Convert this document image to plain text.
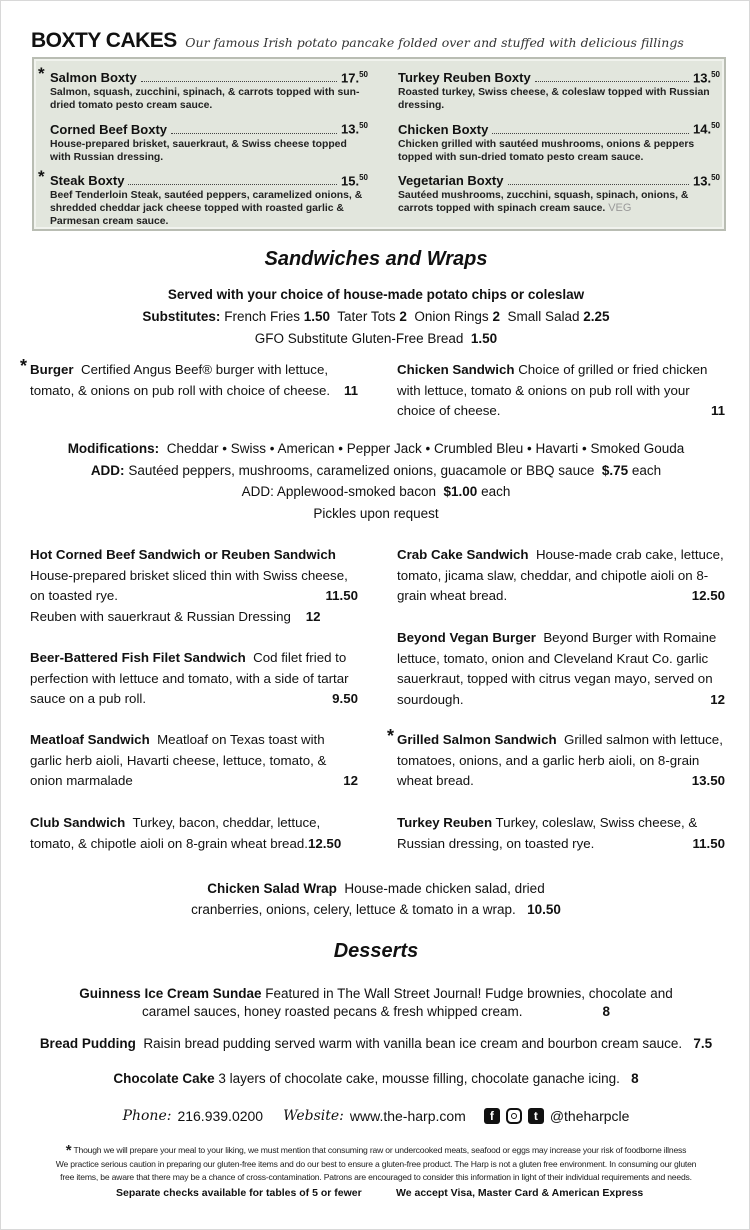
BOXTY CAKES Our famous Irish potato pancake folded over and stuffed with delicious fillings
* Salmon Boxty	17.50
Salmon, squash, zucchini, spinach, & carrots topped with sun-dried tomato pesto cream sauce.
Corned Beef Boxty	13.50
House-prepared brisket, sauerkraut, & Swiss cheese topped with Russian dressing.
* Steak Boxty	15.50
Beef Tenderloin Steak, sautéed peppers, caramelized onions, & shredded cheddar jack cheese topped with roasted garlic & Parmesan cream sauce.
Turkey Reuben Boxty	13.50
Roasted turkey, Swiss cheese, & coleslaw topped with Russian dressing.
Chicken Boxty	14.50
Chicken grilled with sautéed mushrooms, onions & peppers topped with sun-dried tomato pesto cream sauce.
Vegetarian Boxty	13.50
Sautéed mushrooms, zucchini, squash, spinach, onions, & carrots topped with spinach cream sauce. VEG
Sandwiches and Wraps
Served with your choice of house-made potato chips or coleslaw
Substitutes: French Fries 1.50 Tater Tots 2 Onion Rings 2 Small Salad 2.25
GFO Substitute Gluten-Free Bread 1.50
* Burger Certified Angus Beef® burger with lettuce, tomato, & onions on pub roll with choice of cheese. 11
Chicken Sandwich Choice of grilled or fried chicken with lettuce, tomato & onions on pub roll with your choice of cheese.	11
Modifications: Cheddar • Swiss • American • Pepper Jack • Crumbled Bleu • Havarti • Smoked Gouda
ADD: Sautéed peppers, mushrooms, caramelized onions, guacamole or BBQ sauce $.75 each
ADD: Applewood-smoked bacon $1.00 each
Pickles upon request
Hot Corned Beef Sandwich or Reuben Sandwich
House-prepared brisket sliced thin with Swiss cheese, on toasted rye.	11.50

Reuben with sauerkraut & Russian Dressing 12
Beer-Battered Fish Filet Sandwich Cod filet fried to perfection with lettuce and tomato, with a side of tartar sauce on a pub roll.	9.50
Meatloaf Sandwich Meatloaf on Texas toast with garlic herb aioli, Havarti cheese, lettuce, tomato, & onion marmalade	12
Club Sandwich Turkey, bacon, cheddar, lettuce, tomato, & chipotle aioli on 8-grain wheat bread.12.50
Crab Cake Sandwich House-made crab cake, lettuce, tomato, jicama slaw, cheddar, and chipotle aioli on 8-grain wheat bread.	12.50
Beyond Vegan Burger Beyond Burger with Romaine lettuce, tomato, onion and Cleveland Kraut Co. garlic sauerkraut, topped with citrus vegan mayo, served on sourdough.	12
* Grilled Salmon Sandwich Grilled salmon with lettuce, tomatoes, onions, and a garlic herb aioli, on 8-grain wheat bread.	13.50
Turkey Reuben Turkey, coleslaw, Swiss cheese, & Russian dressing, on toasted rye.	11.50
Chicken Salad Wrap House-made chicken salad, dried
cranberries, onions, celery, lettuce & tomato in a wrap. 10.50
Desserts
Guinness Ice Cream Sundae Featured in The Wall Street Journal! Fudge brownies, chocolate and
caramel sauces, honey roasted pecans & fresh whipped cream.	8
Bread Pudding Raisin bread pudding served warm with vanilla bean ice cream and bourbon cream sauce. 7.5
Chocolate Cake 3 layers of chocolate cake, mousse filling, chocolate ganache icing. 8
Phone: 216.939.0200 Website: www.the-harp.com	f	t @theharpcle
* Though we will prepare your meal to your liking, we must mention that consuming raw or undercooked meats, seafood or eggs may increase your risk of foodborne illness
We practice serious caution in preparing our gluten-free items and do our best to ensure a gluten-free product. The Harp is not a gluten free environment. In consuming our gluten
free items, be aware that there may be a chance of cross-contamination. Patrons are encouraged to consider this information in light of their individual requirements and needs.
Separate checks available for tables of 5 or fewer	We accept Visa, Master Card & American Express
